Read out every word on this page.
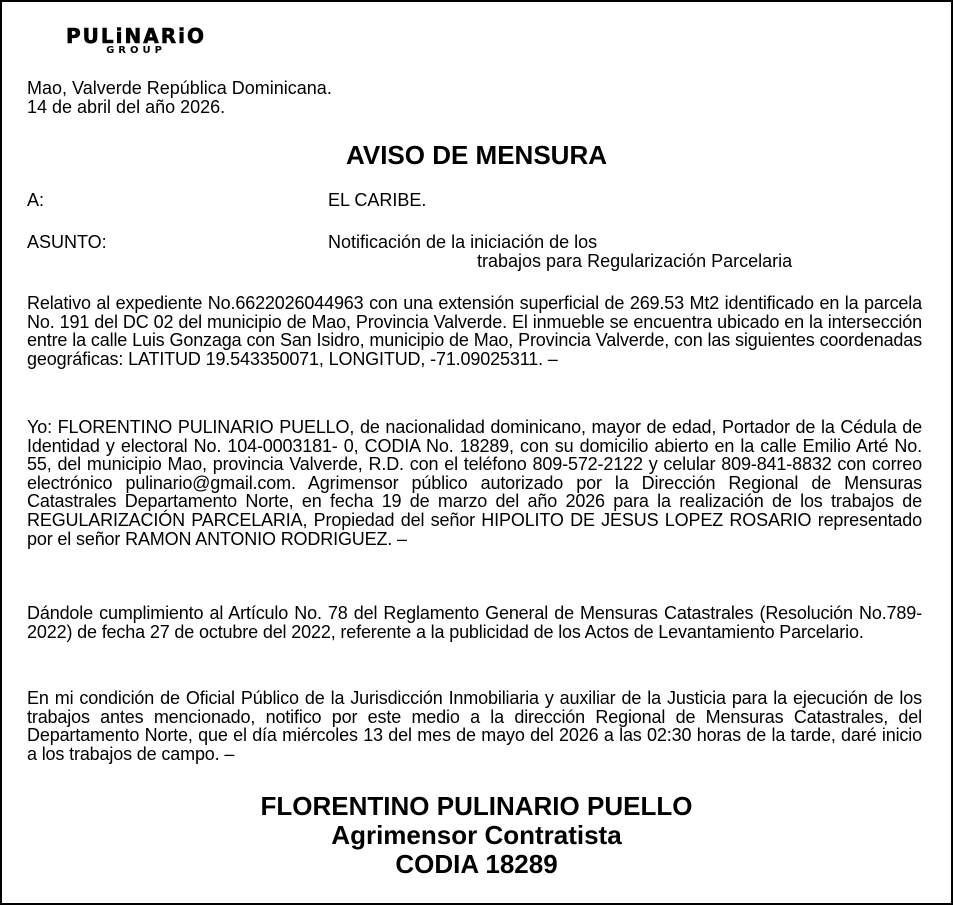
PULiNARiO
GROUP
Mao, Valverde República Dominicana.
14 de abril del año 2026.
AVISO DE MENSURA
A:	EL CARIBE.
ASUNTO:	Notificación de la iniciación de los
trabajos para Regularización Parcelaria
Relativo al expediente No.6622026044963 con una extensión superficial de 269.53 Mt2 identificado en la parcela No. 191 del DC 02 del municipio de Mao, Provincia Valverde. El inmueble se encuentra ubicado en la intersección entre la calle Luis Gonzaga con San Isidro, municipio de Mao, Provincia Valverde, con las siguientes coordenadas geográficas: LATITUD 19.543350071, LONGITUD, -71.09025311. –
Yo: FLORENTINO PULINARIO PUELLO, de nacionalidad dominicano, mayor de edad, Portador de la Cédula de Identidad y electoral No. 104-0003181- 0, CODIA No. 18289, con su domicilio abierto en la calle Emilio Arté No. 55, del municipio Mao, provincia Valverde, R.D. con el teléfono 809-572-2122 y celular 809-841-8832 con correo electrónico pulinario@gmail.com. Agrimensor público autorizado por la Dirección Regional de Mensuras Catastrales Departamento Norte, en fecha 19 de marzo del año 2026 para la realización de los trabajos de REGULARIZACIÓN PARCELARIA, Propiedad del señor HIPOLITO DE JESUS LOPEZ ROSARIO representado por el señor RAMON ANTONIO RODRIGUEZ. –
Dándole cumplimiento al Artículo No. 78 del Reglamento General de Mensuras Catastrales (Resolución No.789-2022) de fecha 27 de octubre del 2022, referente a la publicidad de los Actos de Levantamiento Parcelario.
En mi condición de Oficial Público de la Jurisdicción Inmobiliaria y auxiliar de la Justicia para la ejecución de los trabajos antes mencionado, notifico por este medio a la dirección Regional de Mensuras Catastrales, del Departamento Norte, que el día miércoles 13 del mes de mayo del 2026 a las 02:30 horas de la tarde, daré inicio a los trabajos de campo. –
FLORENTINO PULINARIO PUELLO
Agrimensor Contratista
CODIA 18289
